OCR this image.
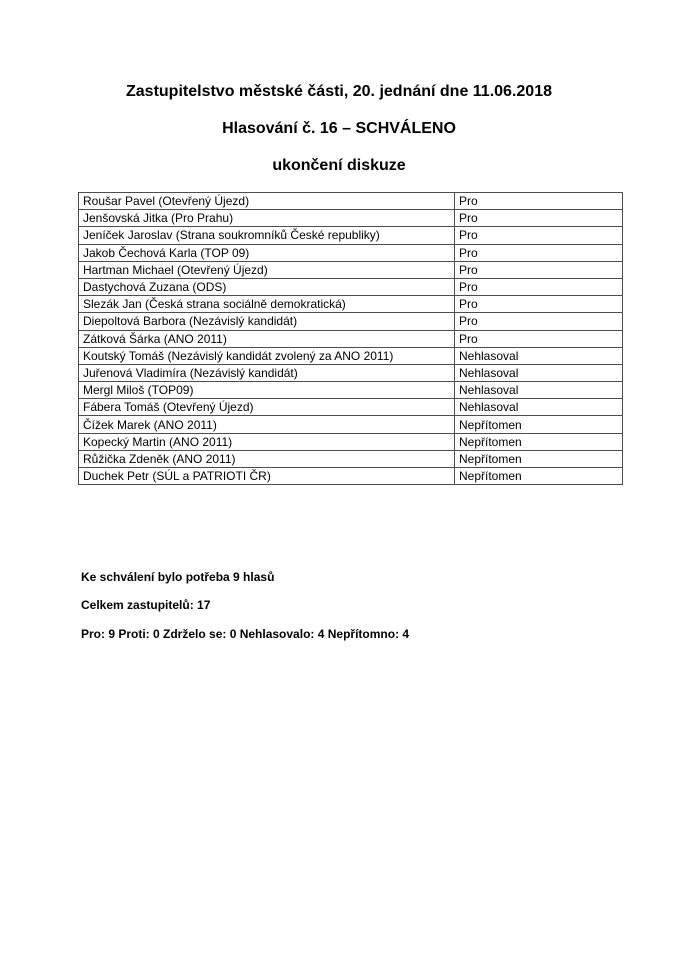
Zastupitelstvo městské části, 20. jednání dne 11.06.2018
Hlasování č. 16 – SCHVÁLENO
ukončení diskuze
Roušar Pavel (Otevřený Újezd)	Pro
Jenšovská Jitka (Pro Prahu)	Pro
Jeníček Jaroslav (Strana soukromníků České republiky)	Pro
Jakob Čechová Karla (TOP 09)	Pro
Hartman Michael (Otevřený Újezd)	Pro
Dastychová Zuzana (ODS)	Pro
Slezák Jan (Česká strana sociálně demokratická)	Pro
Diepoltová Barbora (Nezávislý kandidát)	Pro
Zátková Šárka (ANO 2011)	Pro
Koutský Tomáš (Nezávislý kandidát zvolený za ANO 2011)	Nehlasoval
Juřenová Vladimíra (Nezávislý kandidát)	Nehlasoval
Mergl Miloš (TOP09)	Nehlasoval
Fábera Tomáš (Otevřený Újezd)	Nehlasoval
Čížek Marek (ANO 2011)	Nepřítomen
Kopecký Martin (ANO 2011)	Nepřítomen
Růžička Zdeněk (ANO 2011)	Nepřítomen
Duchek Petr (SÚL a PATRIOTI ČR)	Nepřítomen
Ke schválení bylo potřeba 9 hlasů
Celkem zastupitelů: 17
Pro: 9 Proti: 0 Zdrželo se: 0 Nehlasovalo: 4 Nepřítomno: 4
